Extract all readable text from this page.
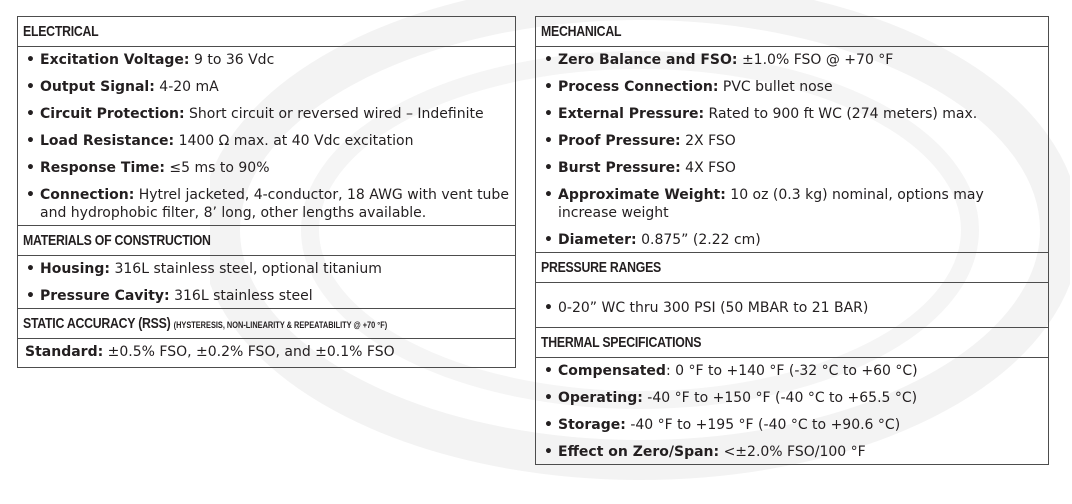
ELECTRICAL

• Excitation Voltage: 9 to 36 Vdc
• Output Signal: 4-20 mA
• Circuit Protection: Short circuit or reversed wired – Indefinite
• Load Resistance: 1400 Ω max. at 40 Vdc excitation
• Response Time: ≤5 ms to 90%
• Connection: Hytrel jacketed, 4-conductor, 18 AWG with vent tube and hydrophobic filter, 8’ long, other lengths available.

MATERIALS OF CONSTRUCTION

• Housing: 316L stainless steel, optional titanium
• Pressure Cavity: 316L stainless steel

STATIC ACCURACY (RSS) (HYSTERESIS, NON-LINEARITY & REPEATABILITY @ +70 °F)
Standard: ±0.5% FSO, ±0.2% FSO, and ±0.1% FSO
MECHANICAL

• Zero Balance and FSO: ±1.0% FSO @ +70 °F
• Process Connection: PVC bullet nose
• External Pressure: Rated to 900 ft WC (274 meters) max.
• Proof Pressure: 2X FSO
• Burst Pressure: 4X FSO
• Approximate Weight: 10 oz (0.3 kg) nominal, options may increase weight
• Diameter: 0.875” (2.22 cm)

PRESSURE RANGES

• 0-20” WC thru 300 PSI (50 MBAR to 21 BAR)

THERMAL SPECIFICATIONS

• Compensated: 0 °F to +140 °F (-32 °C to +60 °C)
• Operating: -40 °F to +150 °F (-40 °C to +65.5 °C)
• Storage: -40 °F to +195 °F (-40 °C to +90.6 °C)
• Effect on Zero/Span: <±2.0% FSO/100 °F
